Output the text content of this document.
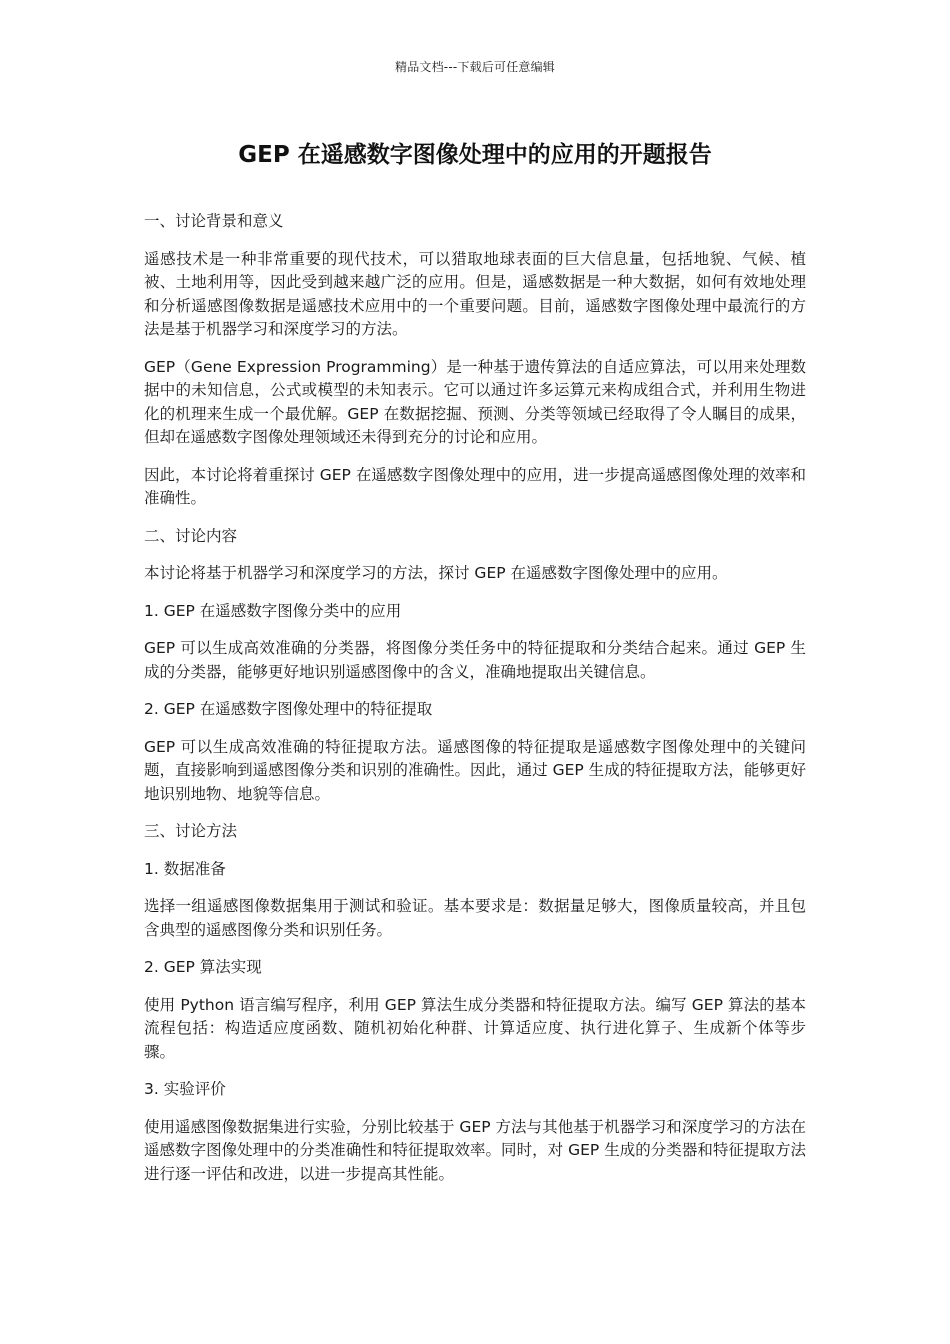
精品文档---下载后可任意编辑
GEP 在遥感数字图像处理中的应用的开题报告

一、讨论背景和意义

遥感技术是一种非常重要的现代技术，可以猎取地球表面的巨大信息量，包括地貌、气候、植被、土地利用等，因此受到越来越广泛的应用。但是，遥感数据是一种大数据，如何有效地处理和分析遥感图像数据是遥感技术应用中的一个重要问题。目前，遥感数字图像处理中最流行的方法是基于机器学习和深度学习的方法。

GEP（Gene Expression Programming）是一种基于遗传算法的自适应算法，可以用来处理数据中的未知信息，公式或模型的未知表示。它可以通过许多运算元来构成组合式，并利用生物进化的机理来生成一个最优解。GEP 在数据挖掘、预测、分类等领域已经取得了令人瞩目的成果，但却在遥感数字图像处理领域还未得到充分的讨论和应用。

因此，本讨论将着重探讨 GEP 在遥感数字图像处理中的应用，进一步提高遥感图像处理的效率和准确性。

二、讨论内容

本讨论将基于机器学习和深度学习的方法，探讨 GEP 在遥感数字图像处理中的应用。

1. GEP 在遥感数字图像分类中的应用

GEP 可以生成高效准确的分类器，将图像分类任务中的特征提取和分类结合起来。通过 GEP 生成的分类器，能够更好地识别遥感图像中的含义，准确地提取出关键信息。

2. GEP 在遥感数字图像处理中的特征提取

GEP 可以生成高效准确的特征提取方法。遥感图像的特征提取是遥感数字图像处理中的关键问题，直接影响到遥感图像分类和识别的准确性。因此，通过 GEP 生成的特征提取方法，能够更好地识别地物、地貌等信息。

三、讨论方法

1. 数据准备

选择一组遥感图像数据集用于测试和验证。基本要求是：数据量足够大，图像质量较高，并且包含典型的遥感图像分类和识别任务。

2. GEP 算法实现

使用 Python 语言编写程序，利用 GEP 算法生成分类器和特征提取方法。编写 GEP 算法的基本流程包括：构造适应度函数、随机初始化种群、计算适应度、执行进化算子、生成新个体等步骤。

3. 实验评价

使用遥感图像数据集进行实验，分别比较基于 GEP 方法与其他基于机器学习和深度学习的方法在遥感数字图像处理中的分类准确性和特征提取效率。同时，对 GEP 生成的分类器和特征提取方法进行逐一评估和改进，以进一步提高其性能。
